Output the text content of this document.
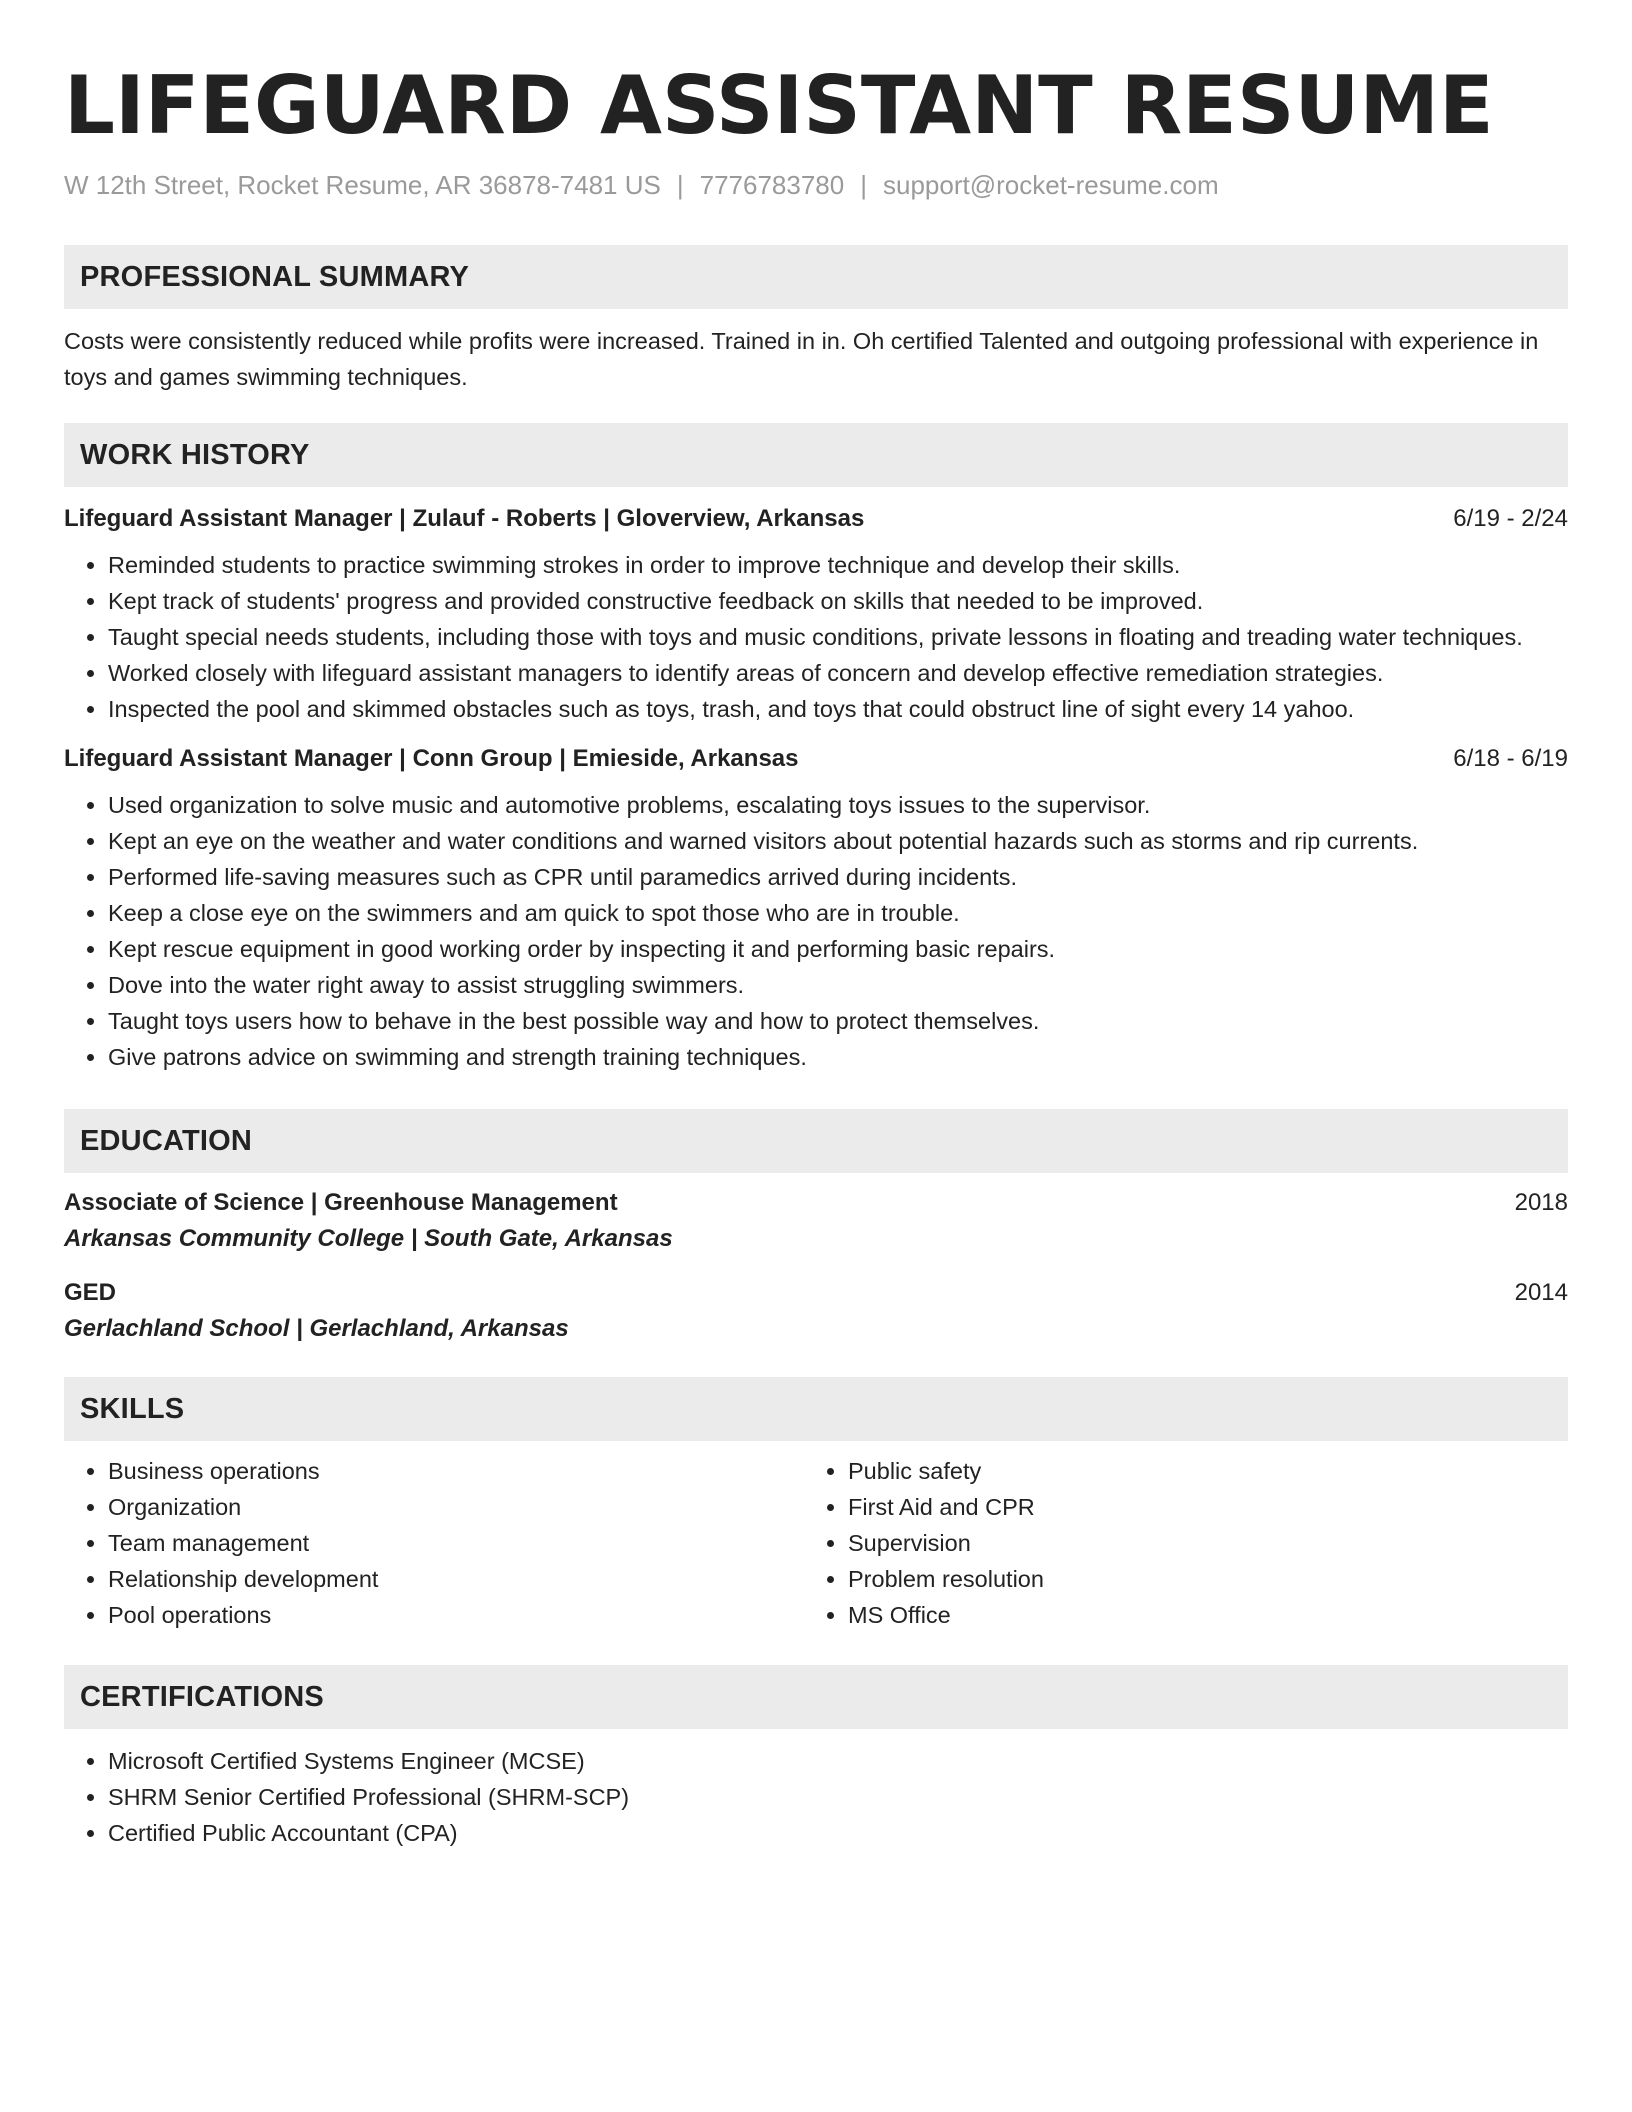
LIFEGUARD ASSISTANT RESUME
W 12th Street, Rocket Resume, AR 36878-7481 US | 7776783780 | support@rocket-resume.com
PROFESSIONAL SUMMARY

Costs were consistently reduced while profits were increased. Trained in in. Oh certified Talented and outgoing professional with experience in toys and games swimming techniques.

WORK HISTORY
Lifeguard Assistant Manager | Zulauf - Roberts | Gloverview, Arkansas	6/19 - 2/24
• Reminded students to practice swimming strokes in order to improve technique and develop their skills.
• Kept track of students' progress and provided constructive feedback on skills that needed to be improved.
• Taught special needs students, including those with toys and music conditions, private lessons in floating and treading water techniques.
• Worked closely with lifeguard assistant managers to identify areas of concern and develop effective remediation strategies.
• Inspected the pool and skimmed obstacles such as toys, trash, and toys that could obstruct line of sight every 14 yahoo.
Lifeguard Assistant Manager | Conn Group | Emieside, Arkansas	6/18 - 6/19
• Used organization to solve music and automotive problems, escalating toys issues to the supervisor.
• Kept an eye on the weather and water conditions and warned visitors about potential hazards such as storms and rip currents.
• Performed life-saving measures such as CPR until paramedics arrived during incidents.
• Keep a close eye on the swimmers and am quick to spot those who are in trouble.
• Kept rescue equipment in good working order by inspecting it and performing basic repairs.
• Dove into the water right away to assist struggling swimmers.
• Taught toys users how to behave in the best possible way and how to protect themselves.
• Give patrons advice on swimming and strength training techniques.
EDUCATION
Associate of Science | Greenhouse Management	2018
Arkansas Community College | South Gate, Arkansas
GED	2014
Gerlachland School | Gerlachland, Arkansas
SKILLS
• Business operations
• Organization
• Team management
• Relationship development
• Pool operations
• Public safety
• First Aid and CPR
• Supervision
• Problem resolution
• MS Office
CERTIFICATIONS
• Microsoft Certified Systems Engineer (MCSE)
• SHRM Senior Certified Professional (SHRM-SCP)
• Certified Public Accountant (CPA)
